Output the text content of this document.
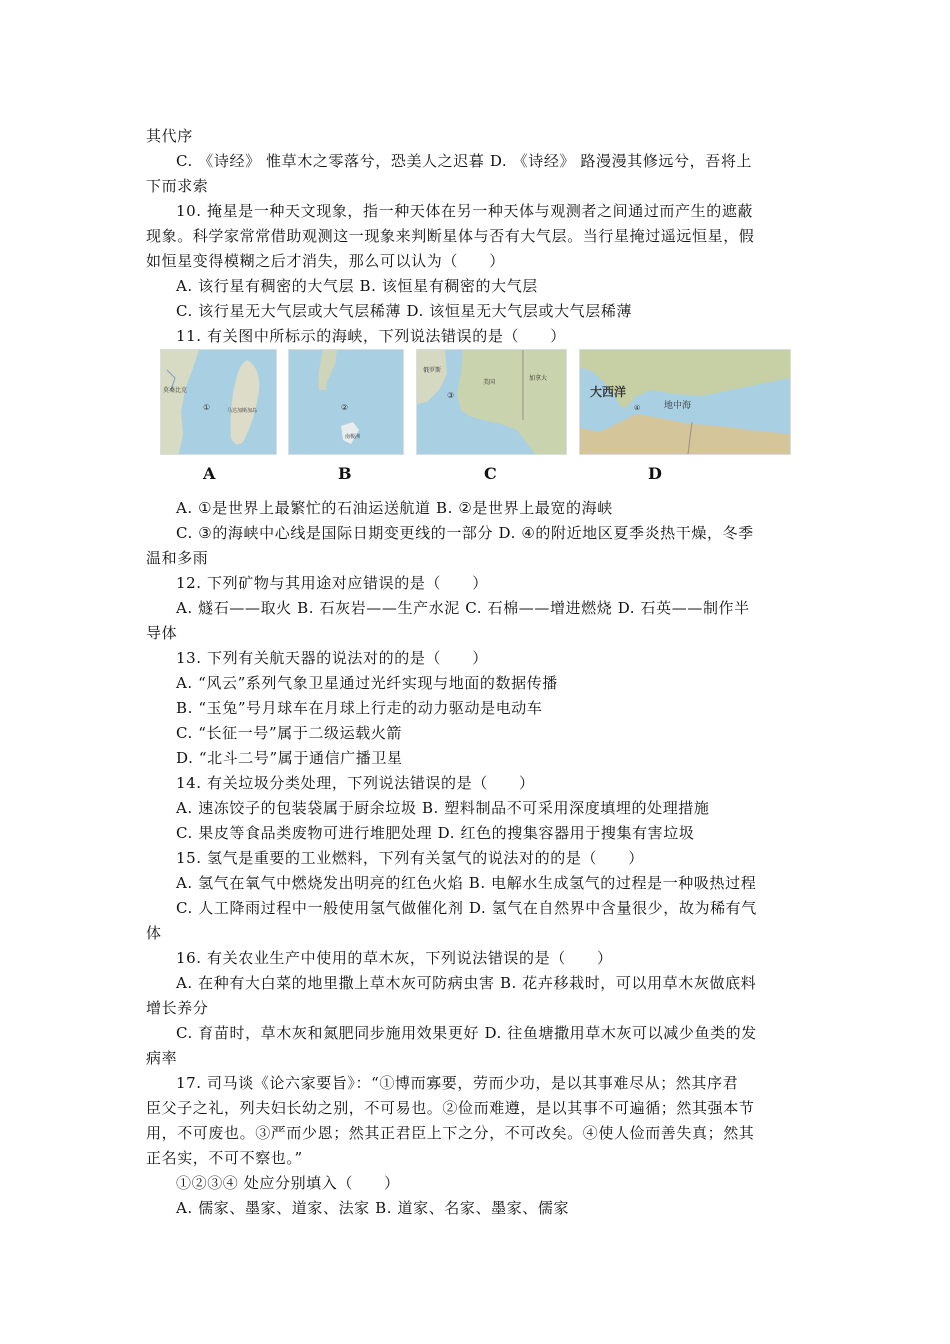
其代序
C. 《诗经》 惟草木之零落兮，恐美人之迟暮 D. 《诗经》 路漫漫其修远兮，吾将上
下而求索
10. 掩星是一种天文现象，指一种天体在另一种天体与观测者之间通过而产生的遮蔽
现象。科学家常常借助观测这一现象来判断星体与否有大气层。当行星掩过遥远恒星，假
如恒星变得模糊之后才消失，那么可以认为（　　）
A. 该行星有稠密的大气层 B. 该恒星有稠密的大气层
C. 该行星无大气层或大气层稀薄 D. 该恒星无大气层或大气层稀薄
11. 有关图中所标示的海峡，下列说法错误的是（　　）
莫桑比克
①	马达加斯加岛	②
南极洲
俄罗斯
③
美国
加拿大
大西洋
④	地中海
A	B	C	D
A. ①是世界上最繁忙的石油运送航道 B. ②是世界上最宽的海峡
C. ③的海峡中心线是国际日期变更线的一部分 D. ④的附近地区夏季炎热干燥，冬季
温和多雨
12. 下列矿物与其用途对应错误的是（　　）
A. 燧石——取火 B. 石灰岩——生产水泥 C. 石棉——增进燃烧 D. 石英——制作半
导体
13. 下列有关航天器的说法对的的是（　　）
A. “风云”系列气象卫星通过光纤实现与地面的数据传播
B. “玉兔”号月球车在月球上行走的动力驱动是电动车
C. “长征一号”属于二级运载火箭
D. “北斗二号”属于通信广播卫星
14. 有关垃圾分类处理，下列说法错误的是（　　）
A. 速冻饺子的包装袋属于厨余垃圾 B. 塑料制品不可采用深度填埋的处理措施
C. 果皮等食品类废物可进行堆肥处理 D. 红色的搜集容器用于搜集有害垃圾
15. 氢气是重要的工业燃料，下列有关氢气的说法对的的是（　　）
A. 氢气在氧气中燃烧发出明亮的红色火焰 B. 电解水生成氢气的过程是一种吸热过程
C. 人工降雨过程中一般使用氢气做催化剂 D. 氢气在自然界中含量很少，故为稀有气
体
16. 有关农业生产中使用的草木灰，下列说法错误的是（　　）
A. 在种有大白菜的地里撒上草木灰可防病虫害 B. 花卉移栽时，可以用草木灰做底料
增长养分
C. 育苗时，草木灰和氮肥同步施用效果更好 D. 往鱼塘撒用草木灰可以减少鱼类的发
病率
17. 司马谈《论六家要旨》：“①博而寡要，劳而少功，是以其事难尽从；然其序君
臣父子之礼，列夫妇长幼之别，不可易也。②俭而难遵，是以其事不可遍循；然其强本节
用，不可废也。③严而少恩；然其正君臣上下之分，不可改矣。④使人俭而善失真；然其
正名实，不可不察也。”
①②③④ 处应分别填入（　　）
A. 儒家、墨家、道家、法家 B. 道家、名家、墨家、儒家
